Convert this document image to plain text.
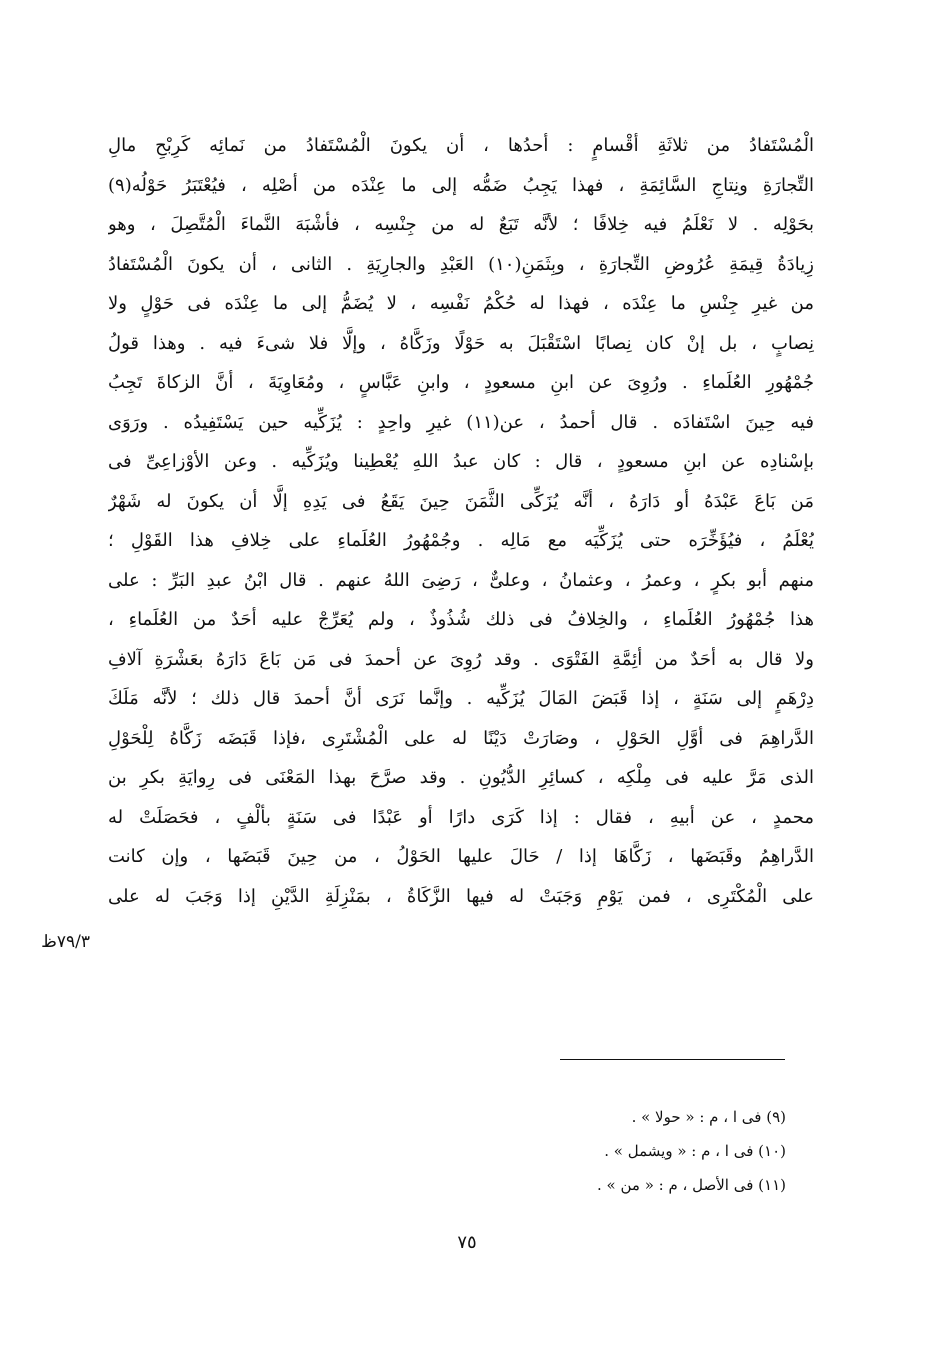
الْمُسْتَفادُ من ثلاثَةِ أقْسامٍ : أحدُها ، أن يكونَ الْمُسْتَفادُ من نَمائِه كَرِبْحِ مالِ
التِّجارَةِ ونِتاجِ السَّائِمَةِ ، فهذا يَجِبُ ضَمُّه إلى ما عِنْدَه من أصْلِه ، فيُعْتَبَرُ حَوْلُه(٩)
بحَوْلِه . لا نَعْلَمُ فيه خِلافًا ؛ لأنَّه تَبَعٌ له من جِنْسِه ، فأشْبَهَ النَّماءَ الْمُتَّصِلَ ، وهو
زِيادَةُ قِيمَةِ عُرُوضِ التِّجارَةِ ، وبِثَمَنِ(١٠) العَبْدِ والجارِيَةِ . الثانى ، أن يكونَ الْمُسْتَفادُ
من غيرِ جِنْسِ ما عِنْدَه ، فهذا له حُكْمُ نَفْسِه ، لا يُضَمُّ إلى ما عِنْدَه فى حَوْلٍ ولا
نِصابٍ ، بل إنْ كان نِصابًا اسْتَقْبَلَ به حَوْلًا وزَكَّاهُ ، وإلَّا فلا شىءَ فيه . وهذا قولُ
جُمْهُورِ العُلَماءِ . ورُوِىَ عن ابنِ مسعودٍ ، وابنِ عَبَّاسٍ ، ومُعَاوِيَةَ ، أنَّ الزكاةَ تَجِبُ
فيه حِينَ اسْتَفادَه . قال أحمدُ ، عن(١١) غيرِ واحِدٍ : يُزَكِّيه حين يَسْتَفِيدُه . ورَوَى
بإسْنادِه عن ابنِ مسعودٍ ، قال : كان عبدُ اللهِ يُعْطِينا ويُزَكِّيه . وعن الأوْزاعِىِّ فى
مَن بَاعَ عَبْدَهُ أو دَارَهُ ، أنَّه يُزَكِّى الثَّمَنَ حِينَ يَقَعُ فى يَدِهِ إلَّا أن يكونَ له شَهْرٌ
يُعْلَمُ ، فيُؤَخِّرَه حتى يُزَكِّيَه مع مَالِه . وجُمْهُورُ العُلَماءِ على خِلافِ هذا القَوْلِ ؛
منهم أبو بكرٍ ، وعمرُ ، وعثمانُ ، وعلىٌّ ، رَضِىَ اللهُ عنهم . قال ابْنُ عبدِ البَرِّ : على
هذا جُمْهُورُ العُلَماءِ ، والخِلافُ فى ذلك شُذُوذٌ ، ولم يُعَرِّجْ عليه أحَدٌ من العُلَماءِ ،
ولا قال به أحَدٌ من أئِمَّةِ الفَتْوَى . وقد رُوِىَ عن أحمدَ فى مَن بَاعَ دَارَهُ بعَشْرَةِ آلافِ
دِرْهَمٍ إلى سَنَةٍ ، إذا قَبَضَ المَالَ يُزَكِّيه . وإنَّما نَرَى أنَّ أحمدَ قال ذلك ؛ لأنَّه مَلَكَ
الدَّراهِمَ فى أوَّلِ الحَوْلِ ، وصَارَتْ دَيْنًا له على الْمُشْتَرِى ،فإذا قَبَضَه زَكَّاهُ لِلْحَوْلِ
الذى مَرَّ عليه فى مِلْكِه ، كسائِرِ الدُّيُونِ . وقد صرَّحَ بهذا المَعْنَى فى رِوايَةِ بكرِ بن
محمدٍ ، عن أبيهِ ، فقال : إذا كَرَى دارًا أو عَبْدًا فى سَنَةٍ بألْفٍ ، فحَصَلَتْ له
الدَّراهِمُ وقَبَضَها ، زَكَّاهَا إذا / حَالَ عليها الحَوْلُ ، من حِينَ قَبَضَها ، وإن كانت
على الْمُكْتَرِى ، فمن يَوْمِ وَجَبَتْ له فيها الزَّكَاةُ ، بمَنْزِلَةِ الدَّيْنِ إذا وَجَبَ له على
٧٩/٣ظ
(٩) فى ا ، م : « حولا » .
(١٠) فى ا ، م : « ويشمل » .
(١١) فى الأصل ، م : « من » .
٧٥
